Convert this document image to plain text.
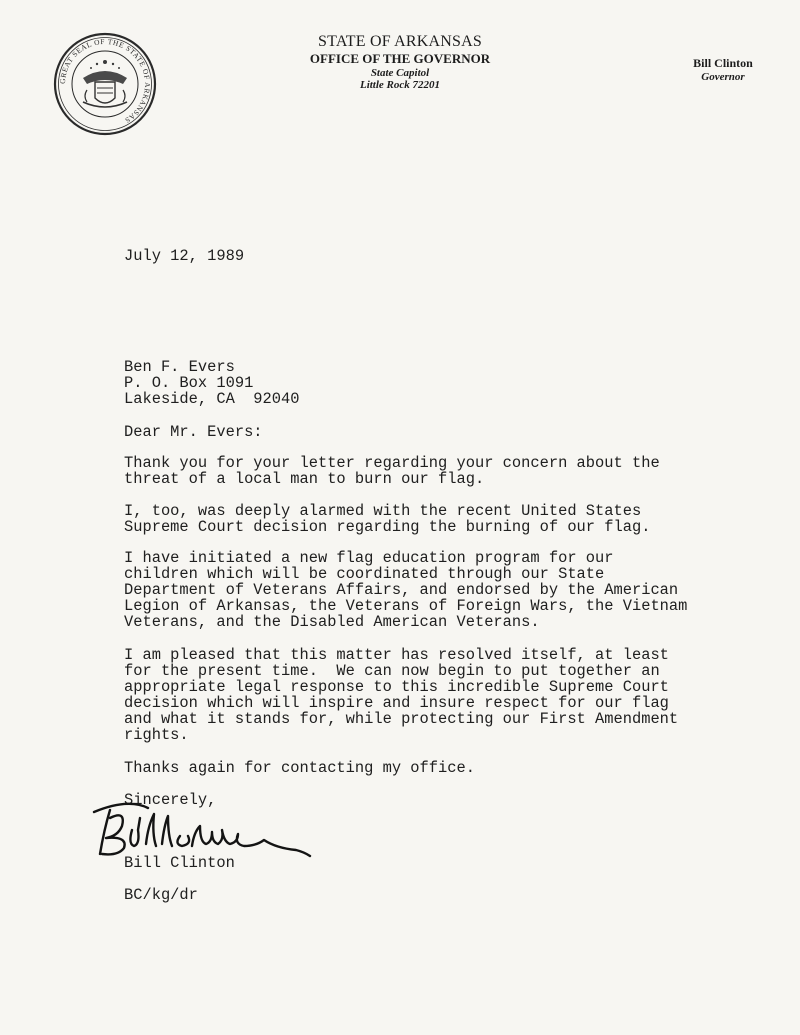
GREAT SEAL OF THE STATE OF ARKANSAS
STATE OF ARKANSAS
OFFICE OF THE GOVERNOR
State Capitol
Little Rock 72201
Bill Clinton
Governor

July 12, 1989

Ben F. Evers

P. O. Box 1091

Lakeside, CA  92040

Dear Mr. Evers:

Thank you for your letter regarding your concern about the
threat of a local man to burn our flag.

I, too, was deeply alarmed with the recent United States
Supreme Court decision regarding the burning of our flag.

I have initiated a new flag education program for our
children which will be coordinated through our State
Department of Veterans Affairs, and endorsed by the American
Legion of Arkansas, the Veterans of Foreign Wars, the Vietnam
Veterans, and the Disabled American Veterans.

I am pleased that this matter has resolved itself, at least
for the present time.  We can now begin to put together an
appropriate legal response to this incredible Supreme Court
decision which will inspire and insure respect for our flag
and what it stands for, while protecting our First Amendment
rights.

Thanks again for contacting my office.

Sincerely,

Bill Clinton

BC/kg/dr
